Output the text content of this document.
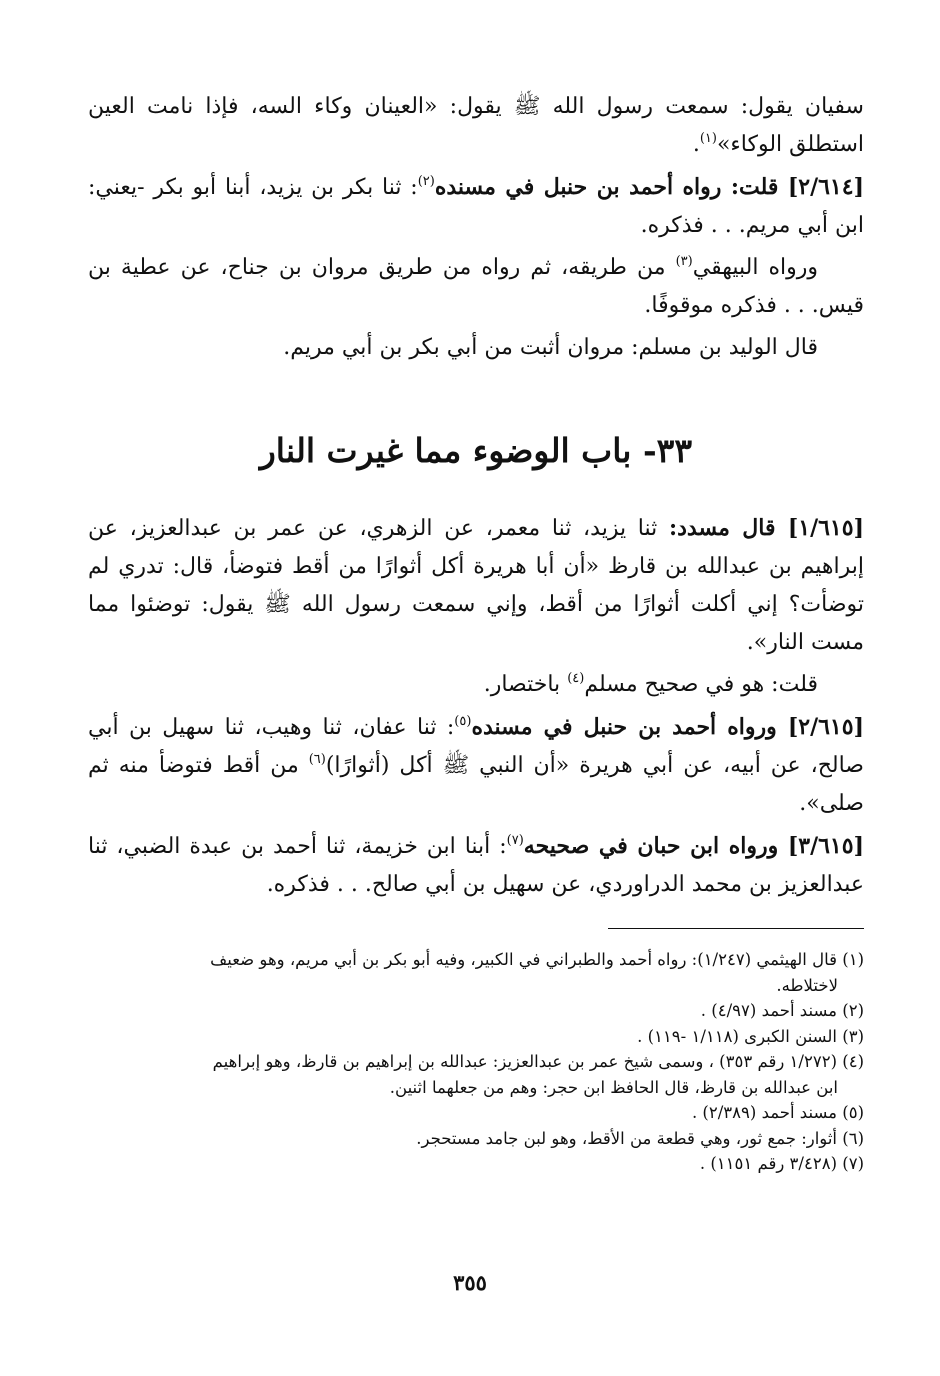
سفيان يقول: سمعت رسول الله ﷺ يقول: «العينان وكاء السه، فإذا نامت العين استطلق الوكاء»$^{(١)}$.

[٢/٦١٤] قلت: رواه أحمد بن حنبل في مسنده$^{(٢)}$: ثنا بكر بن يزيد، أبنا أبو بكر -يعني: ابن أبي مريم. . . فذكره.

ورواه البيهقي$^{(٣)}$ من طريقه، ثم رواه من طريق مروان بن جناح، عن عطية بن قيس. . . فذكره موقوفًا.

قال الوليد بن مسلم: مروان أثبت من أبي بكر بن أبي مريم.

٣٣- باب الوضوء مما غيرت النار

[١/٦١٥] قال مسدد: ثنا يزيد، ثنا معمر، عن الزهري، عن عمر بن عبدالعزيز، عن إبراهيم بن عبدالله بن قارظ «أن أبا هريرة أكل أثوارًا من أقط فتوضأ، قال: تدري لم توضأت؟ إني أكلت أثوارًا من أقط، وإني سمعت رسول الله ﷺ يقول: توضئوا مما مست النار».

قلت: هو في صحيح مسلم$^{(٤)}$ باختصار.

[٢/٦١٥] ورواه أحمد بن حنبل في مسنده$^{(٥)}$: ثنا عفان، ثنا وهيب، ثنا سهيل بن أبي صالح، عن أبيه، عن أبي هريرة «أن النبي ﷺ أكل (أثوارًا)$^{(٦)}$ من أقط فتوضأ منه ثم صلى».

[٣/٦١٥] ورواه ابن حبان في صحيحه$^{(٧)}$: أبنا ابن خزيمة، ثنا أحمد بن عبدة الضبي، ثنا عبدالعزيز بن محمد الدراوردي، عن سهيل بن أبي صالح. . . فذكره.

(١) قال الهيثمي (١/٢٤٧): رواه أحمد والطبراني في الكبير، وفيه أبو بكر بن أبي مريم، وهو ضعيف
لاختلاطه.

(٢) مسند أحمد (٤/٩٧) .

(٣) السنن الكبرى (١/١١٨ -١١٩) .

(٤) (١/٢٧٢ رقم ٣٥٣) ، وسمى شيخ عمر بن عبدالعزيز: عبدالله بن إبراهيم بن قارظ، وهو إبراهيم
ابن عبدالله بن قارظ، قال الحافظ ابن حجر: وهم من جعلهما اثنين.

(٥) مسند أحمد (٢/٣٨٩) .

(٦) أثوار: جمع ثور، وهي قطعة من الأقط، وهو لبن جامد مستحجر.

(٧) (٣/٤٢٨ رقم ١١٥١) .

٣٥٥
